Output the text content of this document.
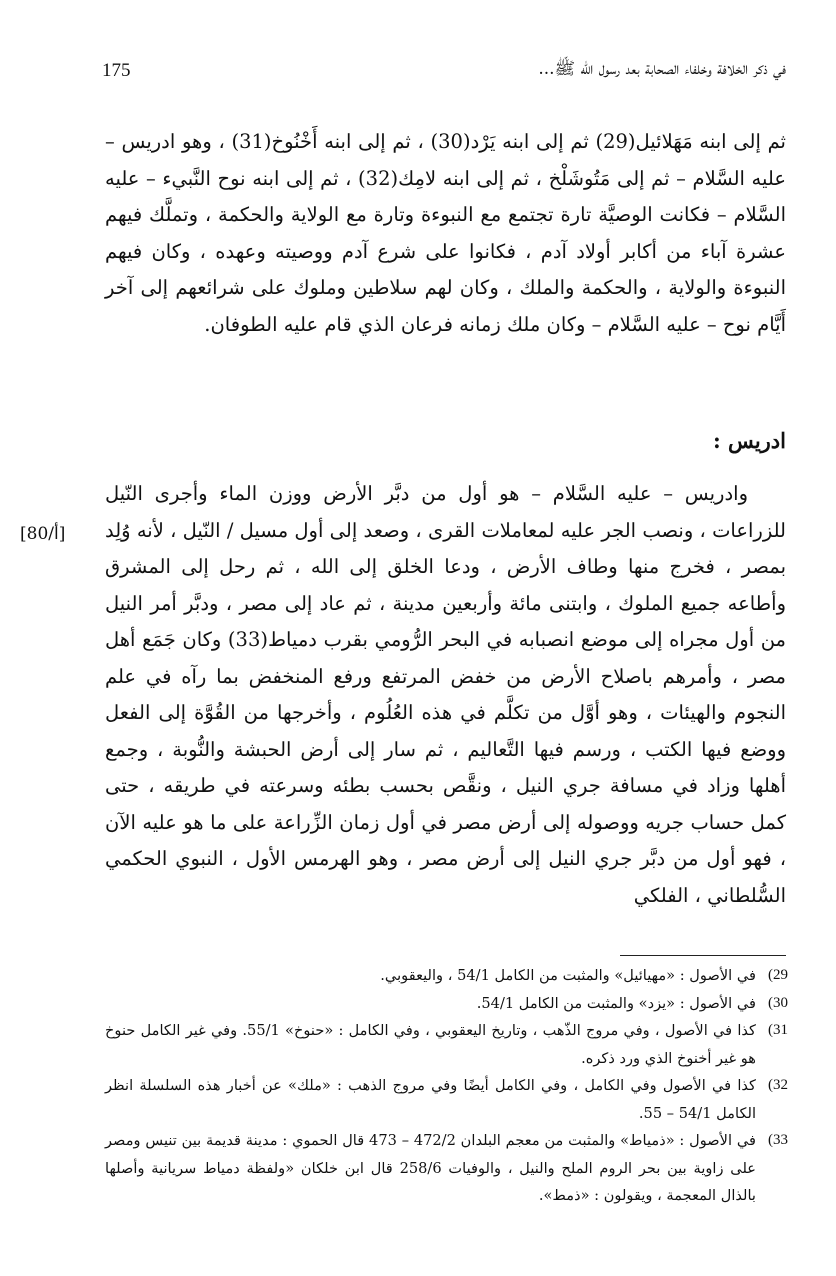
175	في ذكر الخلافة وخلفاء الصحابة بعد رسول الله ﷺ...

ثم إلى ابنه مَهَلائيل(29) ثم إلى ابنه يَرْد(30) ، ثم إلى ابنه أَخْنُوخ(31) ، وهو ادريس – عليه السَّلام – ثم إلى مَتُوشَلْخ ، ثم إلى ابنه لامِك(32) ، ثم إلى ابنه نوح النَّبيء – عليه السَّلام – فكانت الوصيَّة تارة تجتمع مع النبوءة وتارة مع الولاية والحكمة ، وتملَّك فيهم عشرة آباء من أكابر أولاد آدم ، فكانوا على شرع آدم ووصيته وعهده ، وكان فيهم النبوءة والولاية ، والحكمة والملك ، وكان لهم سلاطين وملوك على شرائعهم إلى آخر أَيَّام نوح – عليه السَّلام – وكان ملك زمانه فرعان الذي قام عليه الطوفان.

ادريس :

وادريس – عليه السَّلام – هو أول من دبَّر الأرض ووزن الماء وأجرى النّيل للزراعات ، ونصب الجر عليه لمعاملات القرى ، وصعد إلى أول مسيل / النّيل ، لأنه وُلِد بمصر ، فخرج منها وطاف الأرض ، ودعا الخلق إلى الله ، ثم رحل إلى المشرق وأطاعه جميع الملوك ، وابتنى مائة وأربعين مدينة ، ثم عاد إلى مصر ، ودبَّر أمر النيل من أول مجراه إلى موضع انصبابه في البحر الرُّومي بقرب دمياط(33) وكان جَمَع أهل مصر ، وأمرهم باصلاح الأرض من خفض المرتفع ورفع المنخفض بما رآه في علم النجوم والهيئات ، وهو أوَّل من تكلَّم في هذه العُلُوم ، وأخرجها من القُوَّة إلى الفعل ووضع فيها الكتب ، ورسم فيها التَّعاليم ، ثم سار إلى أرض الحبشة والنُّوبة ، وجمع أهلها وزاد في مسافة جري النيل ، ونقَّص بحسب بطئه وسرعته في طريقه ، حتى كمل حساب جريه ووصوله إلى أرض مصر في أول زمان الزِّراعة على ما هو عليه الآن ، فهو أول من دبَّر جري النيل إلى أرض مصر ، وهو الهرمس الأول ، النبوي الحكمي السُّلطاني ، الفلكي

[80/أ]
29)
في الأصول : «مهيائيل» والمثبت من الكامل 54/1 ، واليعقوبي.
30)
في الأصول : «يزد» والمثبت من الكامل 54/1.
31)
كذا في الأصول ، وفي مروج الذّهب ، وتاريخ اليعقوبي ، وفي الكامل : «حنوخ» 55/1. وفي غير الكامل حنوخ هو غير أخنوخ الذي ورد ذكره.
32)
كذا في الأصول وفي الكامل ، وفي الكامل أيضًا وفي مروج الذهب : «ملك» عن أخبار هذه السلسلة انظر الكامل 54/1 – 55.
33)
في الأصول : «ذمياط» والمثبت من معجم البلدان 472/2 – 473 قال الحموي : مدينة قديمة بين تنيس ومصر على زاوية بين بحر الروم الملح والنيل ، والوفيات 258/6 قال ابن خلكان «ولفظة دمياط سريانية وأصلها بالذال المعجمة ، ويقولون : «ذمط».
